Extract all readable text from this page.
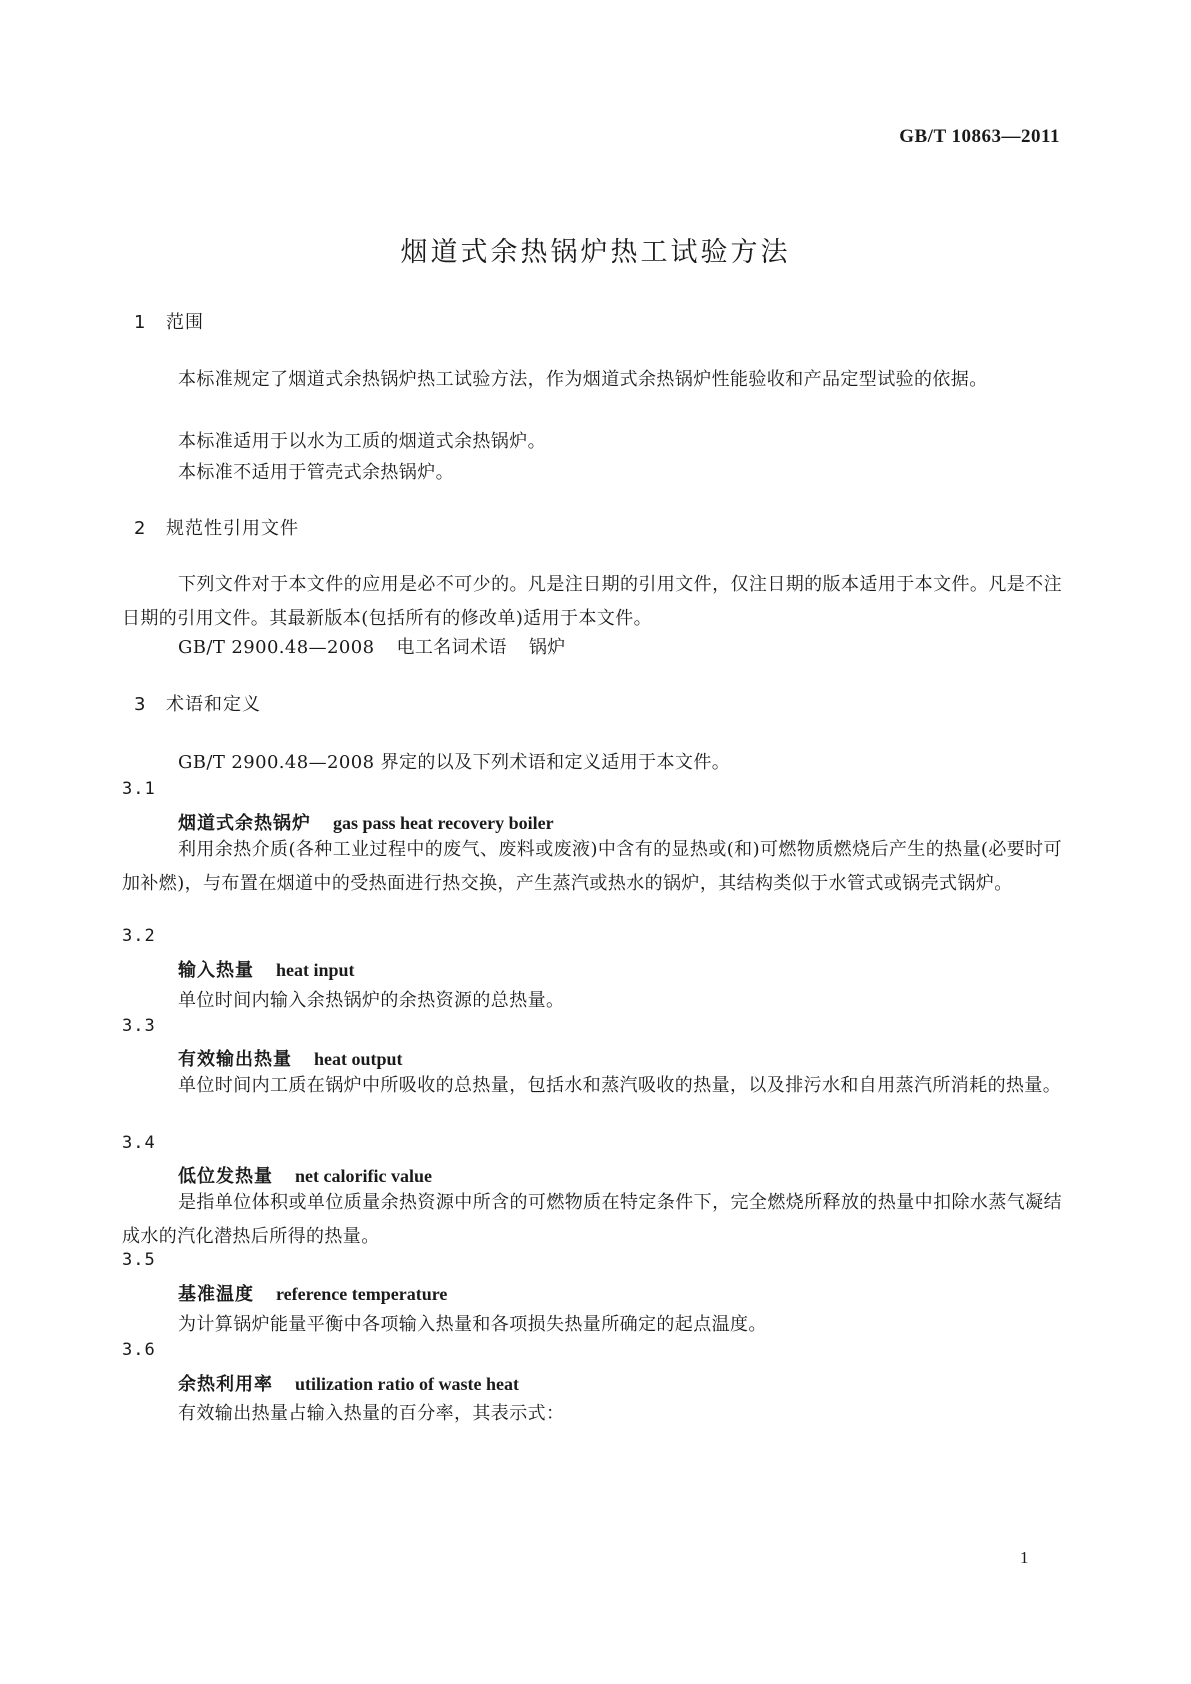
GB/T 10863—2011
烟道式余热锅炉热工试验方法
1 范围

本标准规定了烟道式余热锅炉热工试验方法，作为烟道式余热锅炉性能验收和产品定型试验的依据。

本标准适用于以水为工质的烟道式余热锅炉。
本标准不适用于管壳式余热锅炉。
2 规范性引用文件

下列文件对于本文件的应用是必不可少的。凡是注日期的引用文件，仅注日期的版本适用于本文件。凡是不注日期的引用文件。其最新版本(包括所有的修改单)适用于本文件。

GB/T 2900.48—2008 电工名词术语 锅炉
3 术语和定义
GB/T 2900.48—2008 界定的以及下列术语和定义适用于本文件。
3.1
烟道式余热锅炉 gas pass heat recovery boiler

利用余热介质(各种工业过程中的废气、废料或废液)中含有的显热或(和)可燃物质燃烧后产生的热量(必要时可加补燃)，与布置在烟道中的受热面进行热交换，产生蒸汽或热水的锅炉，其结构类似于水管式或锅壳式锅炉。

3.2
输入热量 heat input
单位时间内输入余热锅炉的余热资源的总热量。
3.3
有效输出热量 heat output

单位时间内工质在锅炉中所吸收的总热量，包括水和蒸汽吸收的热量，以及排污水和自用蒸汽所消耗的热量。

3.4
低位发热量 net calorific value

是指单位体积或单位质量余热资源中所含的可燃物质在特定条件下，完全燃烧所释放的热量中扣除水蒸气凝结成水的汽化潜热后所得的热量。

3.5
基准温度 reference temperature
为计算锅炉能量平衡中各项输入热量和各项损失热量所确定的起点温度。
3.6
余热利用率 utilization ratio of waste heat
有效输出热量占输入热量的百分率，其表示式：
1
